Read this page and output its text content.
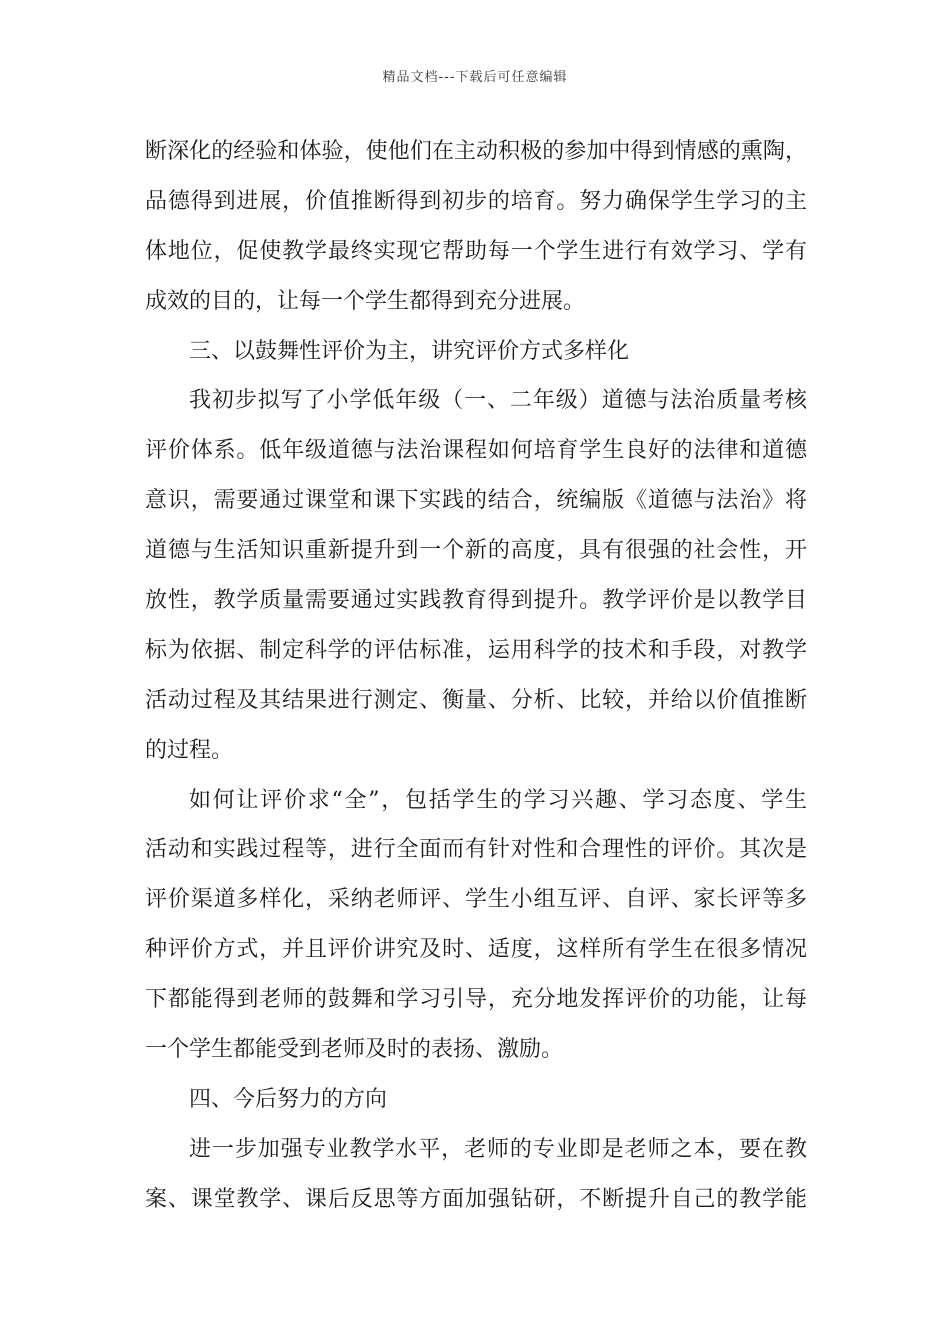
精品文档---下载后可任意编辑
断深化的经验和体验，使他们在主动积极的参加中得到情感的熏陶，
品德得到进展，价值推断得到初步的培育。努力确保学生学习的主
体地位，促使教学最终实现它帮助每一个学生进行有效学习、学有
成效的目的，让每一个学生都得到充分进展。
三、以鼓舞性评价为主，讲究评价方式多样化
我初步拟写了小学低年级（一、二年级）道德与法治质量考核
评价体系。低年级道德与法治课程如何培育学生良好的法律和道德
意识，需要通过课堂和课下实践的结合，统编版《道德与法治》将
道德与生活知识重新提升到一个新的高度，具有很强的社会性，开
放性，教学质量需要通过实践教育得到提升。教学评价是以教学目
标为依据、制定科学的评估标准，运用科学的技术和手段，对教学
活动过程及其结果进行测定、衡量、分析、比较，并给以价值推断
的过程。
如何让评价求“全”，包括学生的学习兴趣、学习态度、学生
活动和实践过程等，进行全面而有针对性和合理性的评价。其次是
评价渠道多样化，采纳老师评、学生小组互评、自评、家长评等多
种评价方式，并且评价讲究及时、适度，这样所有学生在很多情况
下都能得到老师的鼓舞和学习引导，充分地发挥评价的功能，让每
一个学生都能受到老师及时的表扬、激励。
四、今后努力的方向
进一步加强专业教学水平，老师的专业即是老师之本，要在教
案、课堂教学、课后反思等方面加强钻研，不断提升自己的教学能
